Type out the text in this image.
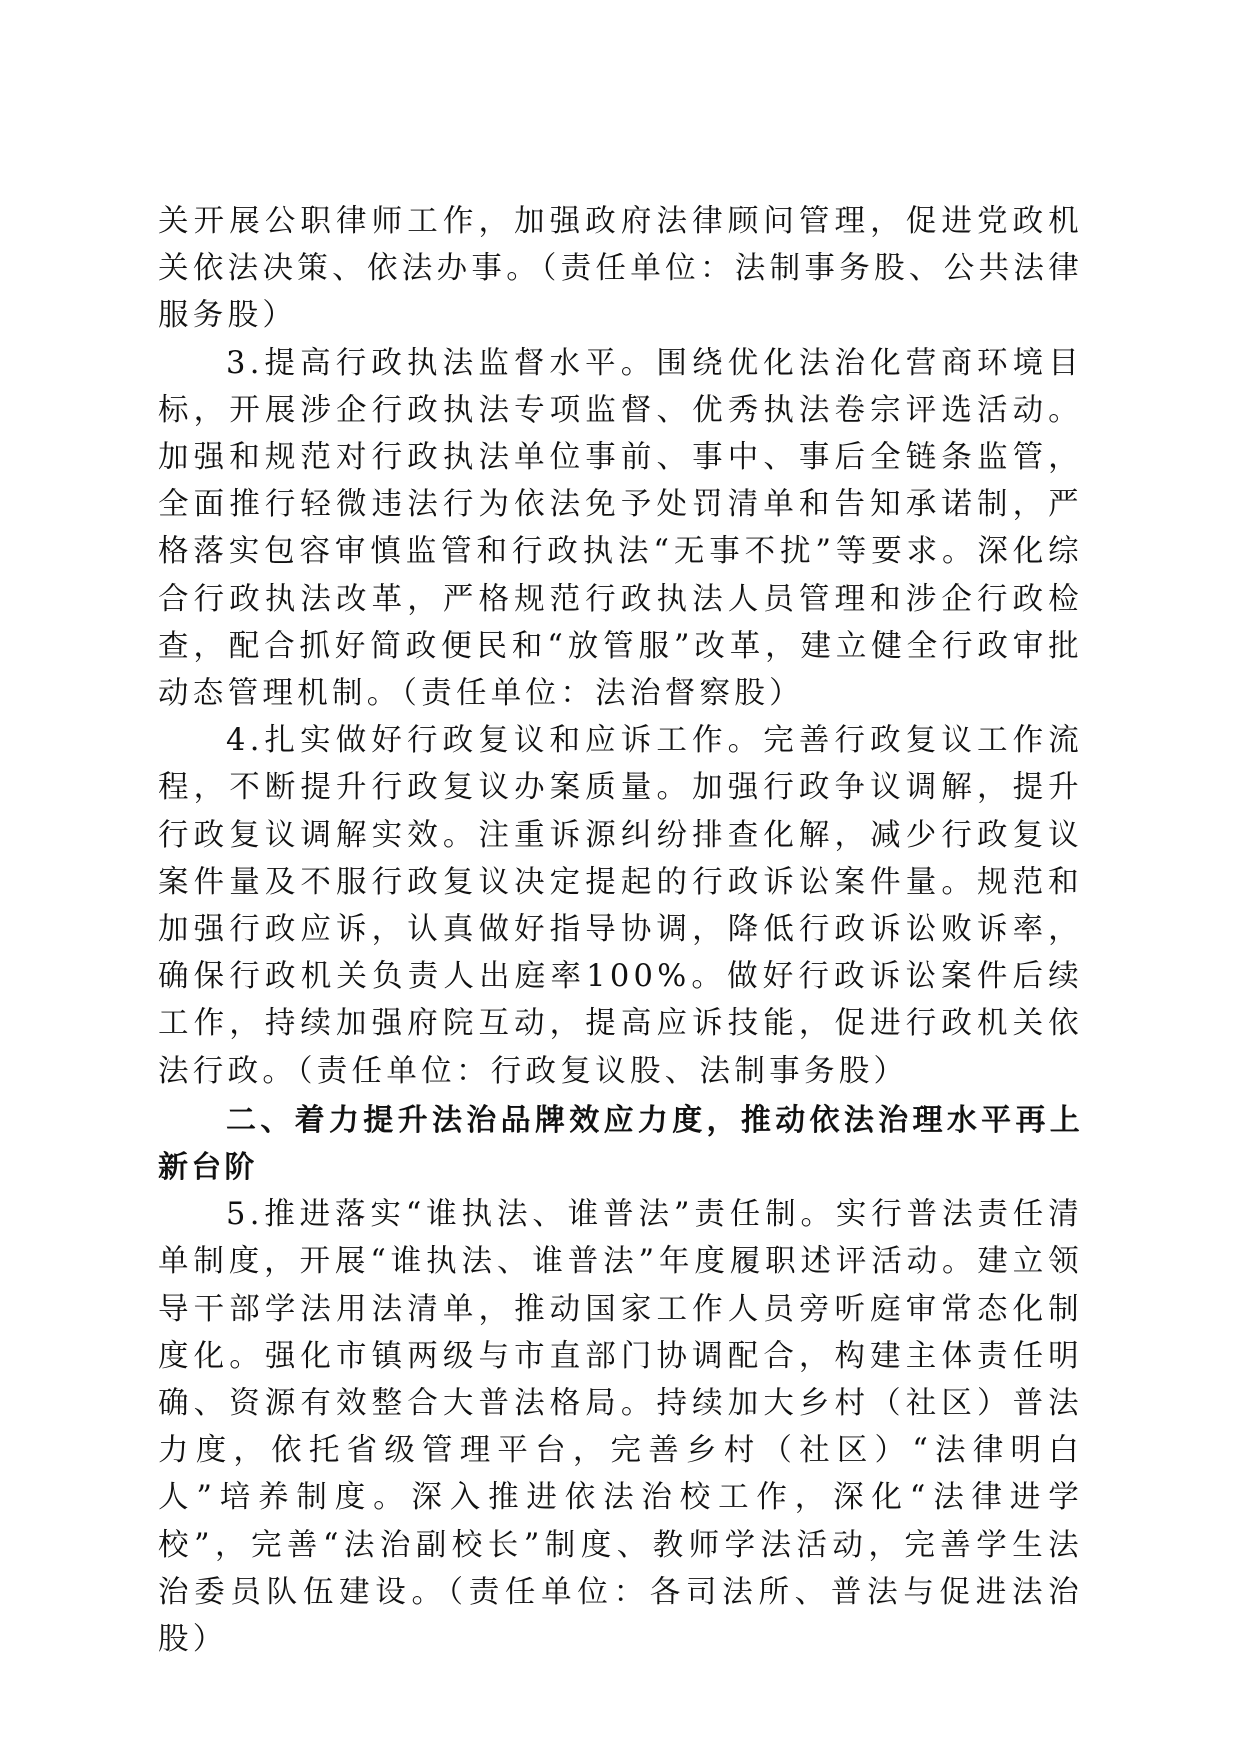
关开展公职律师工作，加强政府法律顾问管理，促进党政机关依法决策、依法办事。（责任单位：法制事务股、公共法律服务股）

3.提高行政执法监督水平。围绕优化法治化营商环境目标，开展涉企行政执法专项监督、优秀执法卷宗评选活动。加强和规范对行政执法单位事前、事中、事后全链条监管，全面推行轻微违法行为依法免予处罚清单和告知承诺制，严格落实包容审慎监管和行政执法“无事不扰”等要求。深化综合行政执法改革，严格规范行政执法人员管理和涉企行政检查，配合抓好简政便民和“放管服”改革，建立健全行政审批动态管理机制。（责任单位：法治督察股）

4.扎实做好行政复议和应诉工作。完善行政复议工作流程，不断提升行政复议办案质量。加强行政争议调解，提升行政复议调解实效。注重诉源纠纷排查化解，减少行政复议案件量及不服行政复议决定提起的行政诉讼案件量。规范和加强行政应诉，认真做好指导协调，降低行政诉讼败诉率，确保行政机关负责人出庭率100%。做好行政诉讼案件后续工作，持续加强府院互动，提高应诉技能，促进行政机关依法行政。（责任单位：行政复议股、法制事务股）

二、着力提升法治品牌效应力度，推动依法治理水平再上新台阶

5.推进落实“谁执法、谁普法”责任制。实行普法责任清单制度，开展“谁执法、谁普法”年度履职述评活动。建立领导干部学法用法清单，推动国家工作人员旁听庭审常态化制度化。强化市镇两级与市直部门协调配合，构建主体责任明确、资源有效整合大普法格局。持续加大乡村（社区）普法力度，依托省级管理平台，完善乡村（社区）“法律明白人”培养制度。深入推进依法治校工作，深化“法律进学校”，完善“法治副校长”制度、教师学法活动，完善学生法治委员队伍建设。（责任单位：各司法所、普法与促进法治股）
